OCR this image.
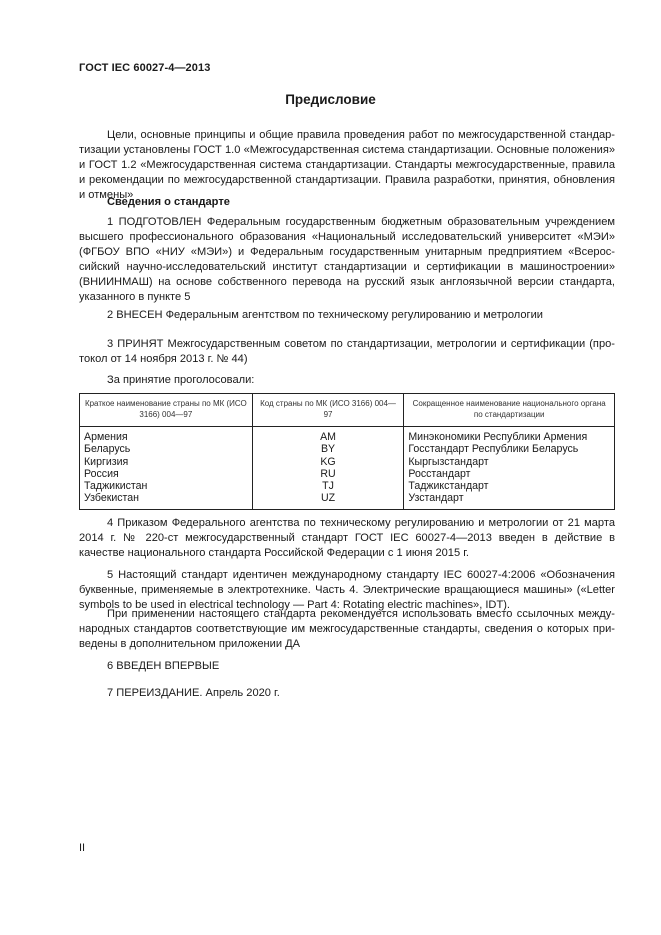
ГОСТ IEC 60027-4—2013
Предисловие

Цели, основные принципы и общие правила проведения работ по межгосударственной стандартизации установлены ГОСТ 1.0 «Межгосударственная система стандартизации. Основные положения» и ГОСТ 1.2 «Межгосударственная система стандартизации. Стандарты межгосударственные, правила и рекомендации по межгосударственной стандартизации. Правила разработки, принятия, обновления и отмены»

Сведения о стандарте

1 ПОДГОТОВЛЕН Федеральным государственным бюджетным образовательным учреждением высшего профессионального образования «Национальный исследовательский университет «МЭИ» (ФГБОУ ВПО «НИУ «МЭИ») и Федеральным государственным унитарным предприятием «Всероссийский научно-исследовательский институт стандартизации и сертификации в машиностроении» (ВНИИНМАШ) на основе собственного перевода на русский язык англоязычной версии стандарта, указанного в пункте 5

2 ВНЕСЕН Федеральным агентством по техническому регулированию и метрологии

3 ПРИНЯТ Межгосударственным советом по стандартизации, метрологии и сертификации (протокол от 14 ноября 2013 г. № 44)

За принятие проголосовали:
Краткое наименование страны по МК (ИСО 3166) 004—97	Код страны по МК (ИСО 3166) 004—97	Сокращенное наименование национального органа по стандартизации
Армения	AM	Минэкономики Республики Армения
Беларусь	BY	Госстандарт Республики Беларусь
Киргизия	KG	Кыргызстандарт
Россия	RU	Росстандарт
Таджикистан	TJ	Таджикстандарт
Узбекистан	UZ	Узстандарт

4 Приказом Федерального агентства по техническому регулированию и метрологии от 21 марта 2014 г. № 220-ст межгосударственный стандарт ГОСТ IEC 60027-4—2013 введен в действие в качестве национального стандарта Российской Федерации с 1 июня 2015 г.

5 Настоящий стандарт идентичен международному стандарту IEC 60027-4:2006 «Обозначения буквенные, применяемые в электротехнике. Часть 4. Электрические вращающиеся машины» («Letter symbols to be used in electrical technology — Part 4: Rotating electric machines», IDT).

При применении настоящего стандарта рекомендуется использовать вместо ссылочных международных стандартов соответствующие им межгосударственные стандарты, сведения о которых приведены в дополнительном приложении ДА

6 ВВЕДЕН ВПЕРВЫЕ

7 ПЕРЕИЗДАНИЕ. Апрель 2020 г.

II
